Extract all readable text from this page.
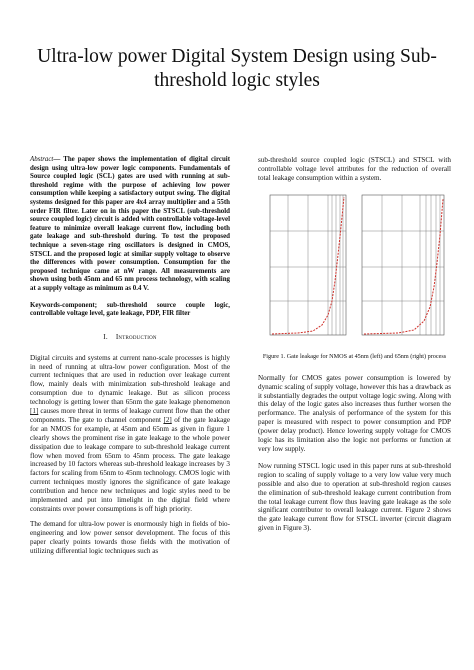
Ultra-low power Digital System Design using Sub-threshold logic styles

Abstract— The paper shows the implementation of digital circuit design using ultra-low power logic components. Fundamentals of Source coupled logic (SCL) gates are used with running at sub-threshold regime with the purpose of achieving low power consumption while keeping a satisfactory output swing. The digital systems designed for this paper are 4x4 array multiplier and a 55th order FIR filter. Later on in this paper the STSCL (sub-threshold source coupled logic) circuit is added with controllable voltage-level feature to minimize overall leakage current flow, including both gate leakage and sub-threshold during. To test the proposed technique a seven-stage ring oscillators is designed in CMOS, STSCL and the proposed logic at similar supply voltage to observe the differences with power consumption. Consumption for the proposed technique came at nW range. All measurements are shown using both 45nm and 65 nm process technology, with scaling at a supply voltage as minimum as 0.4 V.

Keywords-component; sub-threshold source couple logic, controllable voltage level, gate leakage, PDP, FIR filter

I. Introduction

Digital circuits and systems at current nano-scale processes is highly in need of running at ultra-low power configuration. Most of the current techniques that are used in reduction over leakage current flow, mainly deals with minimization sub-threshold leakage and consumption due to dynamic leakage. But as silicon process technology is getting lower than 65nm the gate leakage phenomenon [1] causes more threat in terms of leakage current flow than the other components. The gate to channel component [2] of the gate leakage for an NMOS for example, at 45nm and 65nm as given in figure 1 clearly shows the prominent rise in gate leakage to the whole power dissipation due to leakage compare to sub-threshold leakage current flow when moved from 65nm to 45nm process. The gate leakage increased by 10 factors whereas sub-threshold leakage increases by 3 factors for scaling from 65nm to 45nm technology. CMOS logic with current techniques mostly ignores the significance of gate leakage contribution and hence new techniques and logic styles need to be implemented and put into limelight in the digital field where constraints over power consumptions is off high priority.

The demand for ultra-low power is enormously high in fields of bio-engineering and low power sensor development. The focus of this paper clearly points towards those fields with the motivation of utilizing differential logic techniques such as

sub-threshold source coupled logic (STSCL) and STSCL with controllable voltage level attributes for the reduction of overall total leakage consumption within a system.

Figure 1. Gate leakage for NMOS at 45nm (left) and 65nm (right) process

Normally for CMOS gates power consumption is lowered by dynamic scaling of supply voltage, however this has a drawback as it substantially degrades the output voltage logic swing. Along with this delay of the logic gates also increases thus further worsen the performance. The analysis of performance of the system for this paper is measured with respect to power consumption and PDP (power delay product). Hence lowering supply voltage for CMOS logic has its limitation also the logic not performs or function at very low supply.

Now running STSCL logic used in this paper runs at sub-threshold region to scaling of supply voltage to a very low value very much possible and also due to operation at sub-threshold region causes the elimination of sub-threshold leakage current contribution from the total leakage current flow thus leaving gate leakage as the sole significant contributor to overall leakage current. Figure 2 shows the gate leakage current flow for STSCL inverter (circuit diagram given in Figure 3).
